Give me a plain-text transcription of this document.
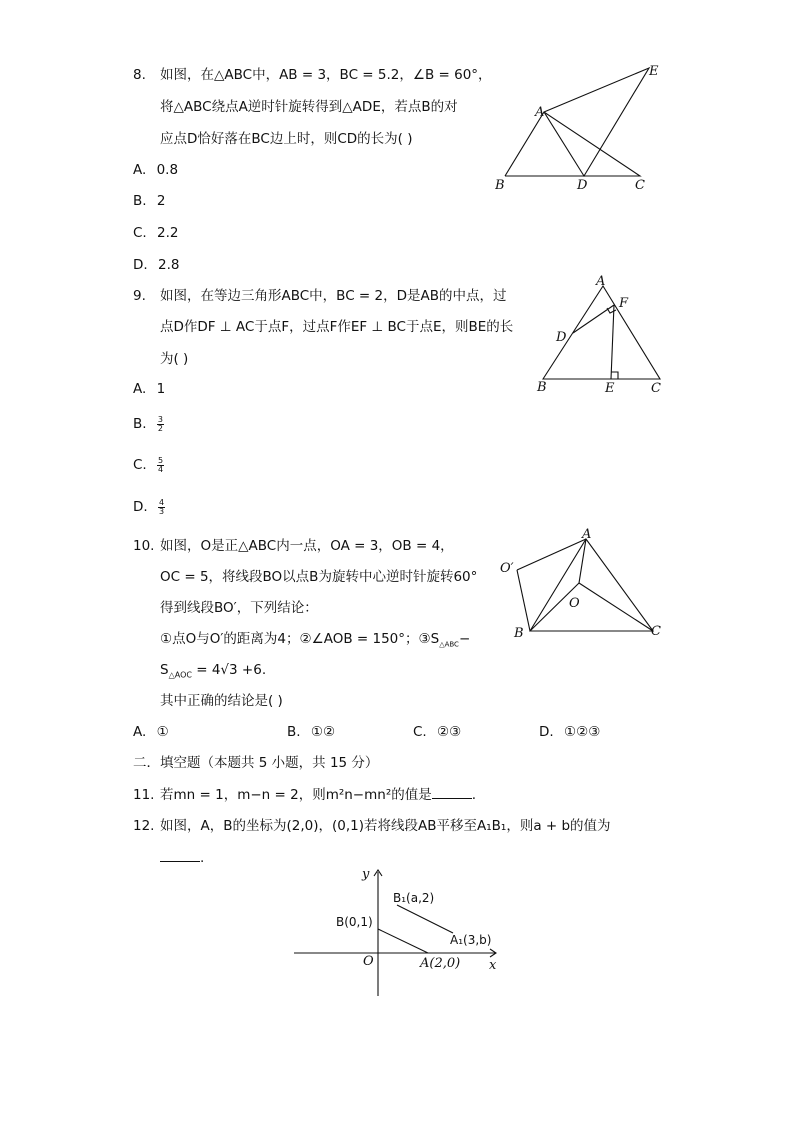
8. 如图，在△ABC中，AB = 3，BC = 5.2，∠B = 60°，
将△ABC绕点A逆时针旋转得到△ADE，若点B的对
应点D恰好落在BC边上时，则CD的长为( )
A. 0.8
B. 2
C. 2.2
D. 2.8
B
A
D	C
E
9. 如图，在等边三角形ABC中，BC = 2，D是AB的中点，过
点D作DF ⊥ AC于点F，过点F作EF ⊥ BC于点E，则BE的长
为( )
A. 1
B. $\frac{3}{2}$
C. $\frac{5}{4}$
D. $\frac{4}{3}$
A
F
D
B	E	C
10. 如图，O是正△ABC内一点，OA = 3，OB = 4，
OC = 5，将线段BO以点B为旋转中心逆时针旋转60°
得到线段BO′，下列结论：
①点O与O′的距离为4；②∠AOB = 150°；$③S_{\triangle ABC}-$
$S_{\triangle AOC} = 4√3 +6$.
其中正确的结论是( )
A. ①	B. ①②	C. ②③	D. ①②③
A
O′
O
B	C
二．填空题（本题共 5 小题，共 15 分）
11. 若mn = 1，m−n = 2，则m²n−mn²的值是	.
12. 如图，A，B的坐标为(2,0)，(0,1)若将线段AB平移至A₁B₁，则a + b的值为
.
y
x
O	A(2,0)
B(0,1)
B₁(a,2)
A₁(3,b)
